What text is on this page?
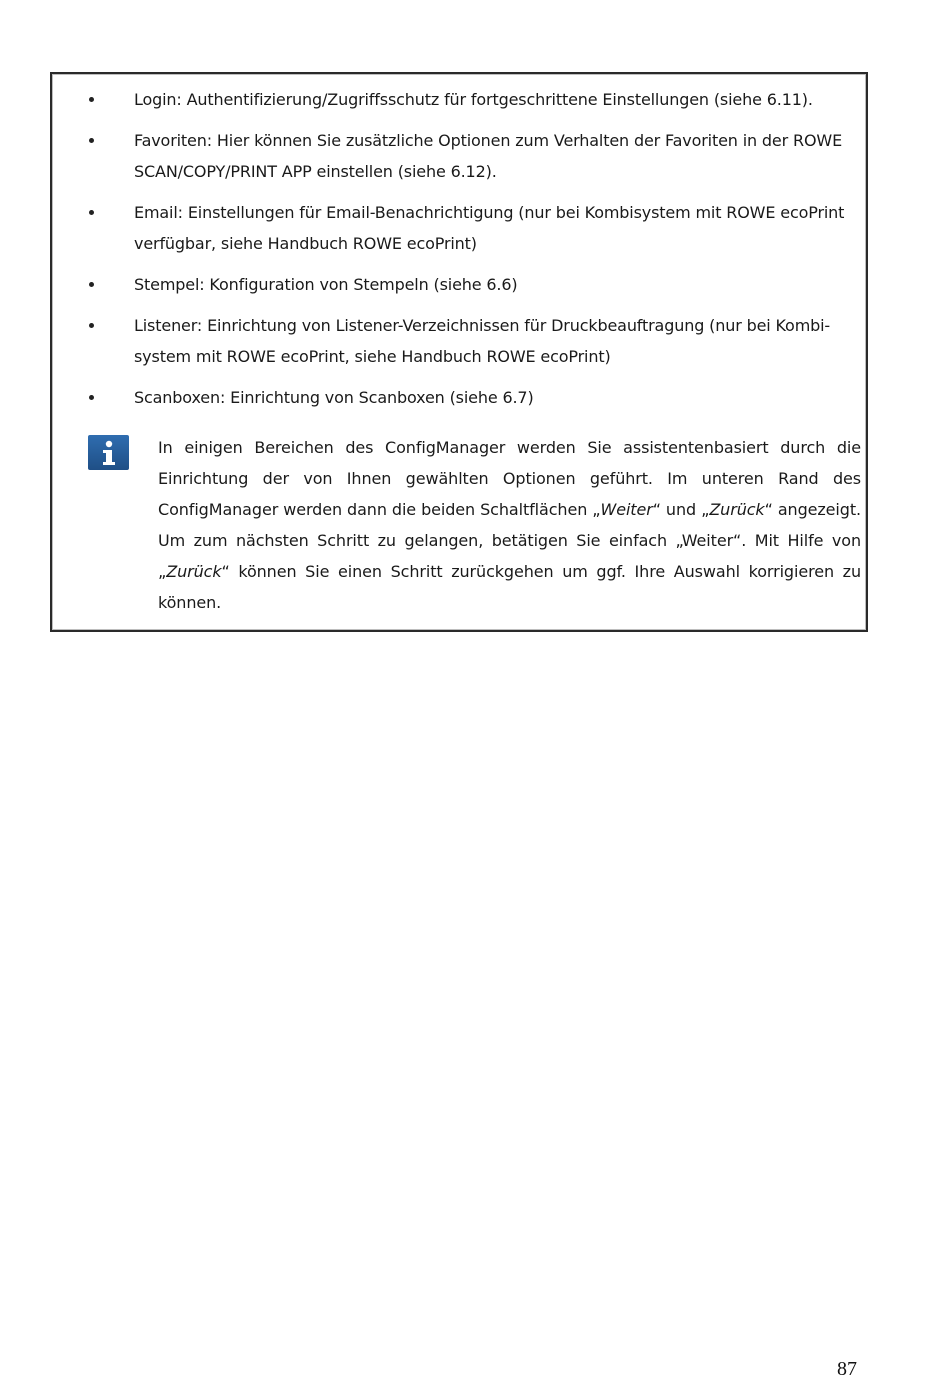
Login: Authentifizierung/Zugriffsschutz für fortgeschrittene Einstellungen (siehe 6.11).
Favoriten: Hier können Sie zusätzliche Optionen zum Verhalten der Favoriten in der ROWE SCAN/COPY/PRINT APP einstellen (siehe 6.12).
Email: Einstellungen für Email-Benachrichtigung (nur bei Kombisystem mit ROWE ecoPrint verfügbar, siehe Handbuch ROWE ecoPrint)
Stempel: Konfiguration von Stempeln (siehe 6.6)
Listener: Einrichtung von Listener-Verzeichnissen für Druckbeauftragung (nur bei Kombi-system mit ROWE ecoPrint, siehe Handbuch ROWE ecoPrint)
Scanboxen: Einrichtung von Scanboxen (siehe 6.7)
In einigen Bereichen des ConfigManager werden Sie assistentenbasiert durch die Einrichtung der von Ihnen gewählten Optionen geführt. Im unteren Rand des ConfigManager werden dann die beiden Schaltflächen „Weiter“ und „Zurück“ angezeigt. Um zum nächsten Schritt zu gelangen, betätigen Sie einfach „Weiter“. Mit Hilfe von „Zurück“ können Sie einen Schritt zurückgehen um ggf. Ihre Auswahl korrigieren zu können.
87
